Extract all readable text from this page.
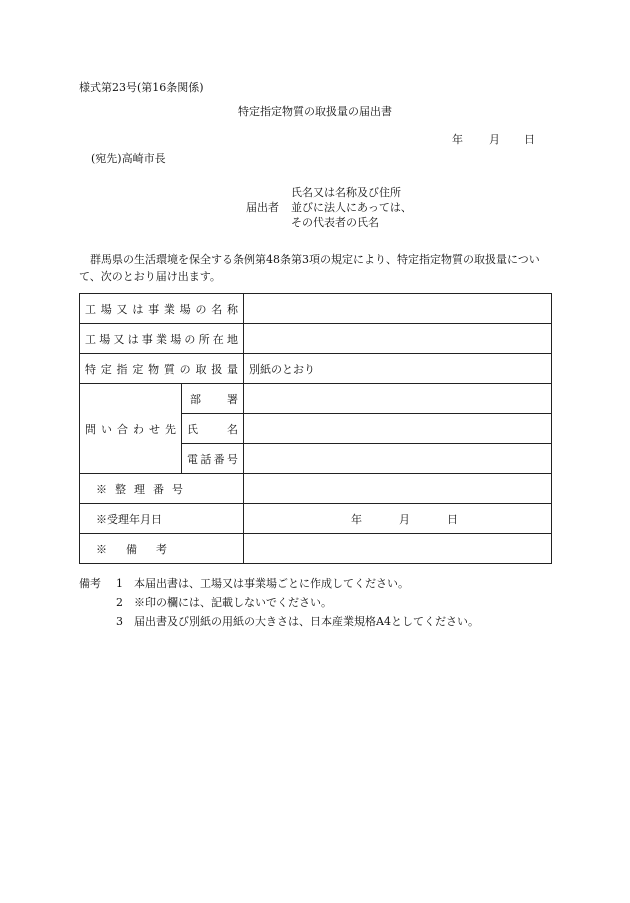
様式第23号(第16条関係)
特定指定物質の取扱量の届出書
年 月 日
(宛先)高崎市長
届出者
氏名又は名称及び住所
並びに法人にあっては、
その代表者の氏名
群馬県の生活環境を保全する条例第48条第3項の規定により、特定指定物質の取扱量について、次のとおり届け出ます。
工場又は事業場の名称		
工場又は事業場の所在地		
特定指定物質の取扱量		別紙のとおり
問い合わせ先	部署	
	氏名	
	電話番号	

※整理番号		

※受理年月日		年 月 日

※備考		

備考	1	本届出書は、工場又は事業場ごとに作成してください。
2	※印の欄には、記載しないでください。
3	届出書及び別紙の用紙の大きさは、日本産業規格A4としてください。
